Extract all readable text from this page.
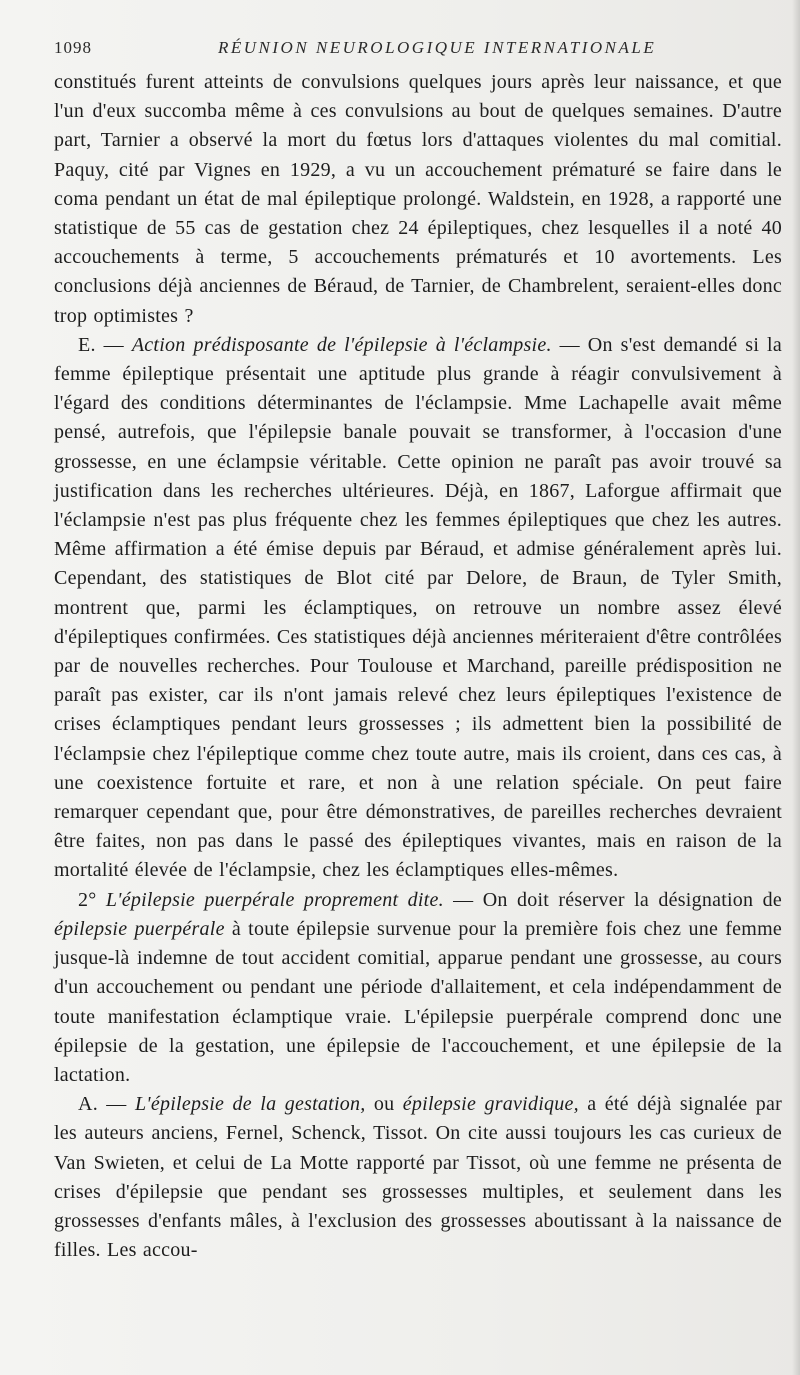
1098	RÉUNION NEUROLOGIQUE INTERNATIONALE

constitués furent atteints de convulsions quelques jours après leur naissance, et que l'un d'eux succomba même à ces convulsions au bout de quelques semaines. D'autre part, Tarnier a observé la mort du fœtus lors d'attaques violentes du mal comitial. Paquy, cité par Vignes en 1929, a vu un accouchement prématuré se faire dans le coma pendant un état de mal épileptique prolongé. Waldstein, en 1928, a rapporté une statistique de 55 cas de gestation chez 24 épileptiques, chez lesquelles il a noté 40 accouchements à terme, 5 accouchements prématurés et 10 avortements. Les conclusions déjà anciennes de Béraud, de Tarnier, de Chambrelent, seraient-elles donc trop optimistes ?

E. — Action prédisposante de l'épilepsie à l'éclampsie. — On s'est demandé si la femme épileptique présentait une aptitude plus grande à réagir convulsivement à l'égard des conditions déterminantes de l'éclampsie. Mme Lachapelle avait même pensé, autrefois, que l'épilepsie banale pouvait se transformer, à l'occasion d'une grossesse, en une éclampsie véritable. Cette opinion ne paraît pas avoir trouvé sa justification dans les recherches ultérieures. Déjà, en 1867, Laforgue affirmait que l'éclampsie n'est pas plus fréquente chez les femmes épileptiques que chez les autres. Même affirmation a été émise depuis par Béraud, et admise généralement après lui. Cependant, des statistiques de Blot cité par Delore, de Braun, de Tyler Smith, montrent que, parmi les éclamptiques, on retrouve un nombre assez élevé d'épileptiques confirmées. Ces statistiques déjà anciennes mériteraient d'être contrôlées par de nouvelles recherches. Pour Toulouse et Marchand, pareille prédisposition ne paraît pas exister, car ils n'ont jamais relevé chez leurs épileptiques l'existence de crises éclamptiques pendant leurs grossesses ; ils admettent bien la possibilité de l'éclampsie chez l'épileptique comme chez toute autre, mais ils croient, dans ces cas, à une coexistence fortuite et rare, et non à une relation spéciale. On peut faire remarquer cependant que, pour être démonstratives, de pareilles recherches devraient être faites, non pas dans le passé des épileptiques vivantes, mais en raison de la mortalité élevée de l'éclampsie, chez les éclamptiques elles-mêmes.

2° L'épilepsie puerpérale proprement dite. — On doit réserver la désignation de épilepsie puerpérale à toute épilepsie survenue pour la première fois chez une femme jusque-là indemne de tout accident comitial, apparue pendant une grossesse, au cours d'un accouchement ou pendant une période d'allaitement, et cela indépendamment de toute manifestation éclamptique vraie. L'épilepsie puerpérale comprend donc une épilepsie de la gestation, une épilepsie de l'accouchement, et une épilepsie de la lactation.

A. — L'épilepsie de la gestation, ou épilepsie gravidique, a été déjà signalée par les auteurs anciens, Fernel, Schenck, Tissot. On cite aussi toujours les cas curieux de Van Swieten, et celui de La Motte rapporté par Tissot, où une femme ne présenta de crises d'épilepsie que pendant ses grossesses multiples, et seulement dans les grossesses d'enfants mâles, à l'exclusion des grossesses aboutissant à la naissance de filles. Les accou-
